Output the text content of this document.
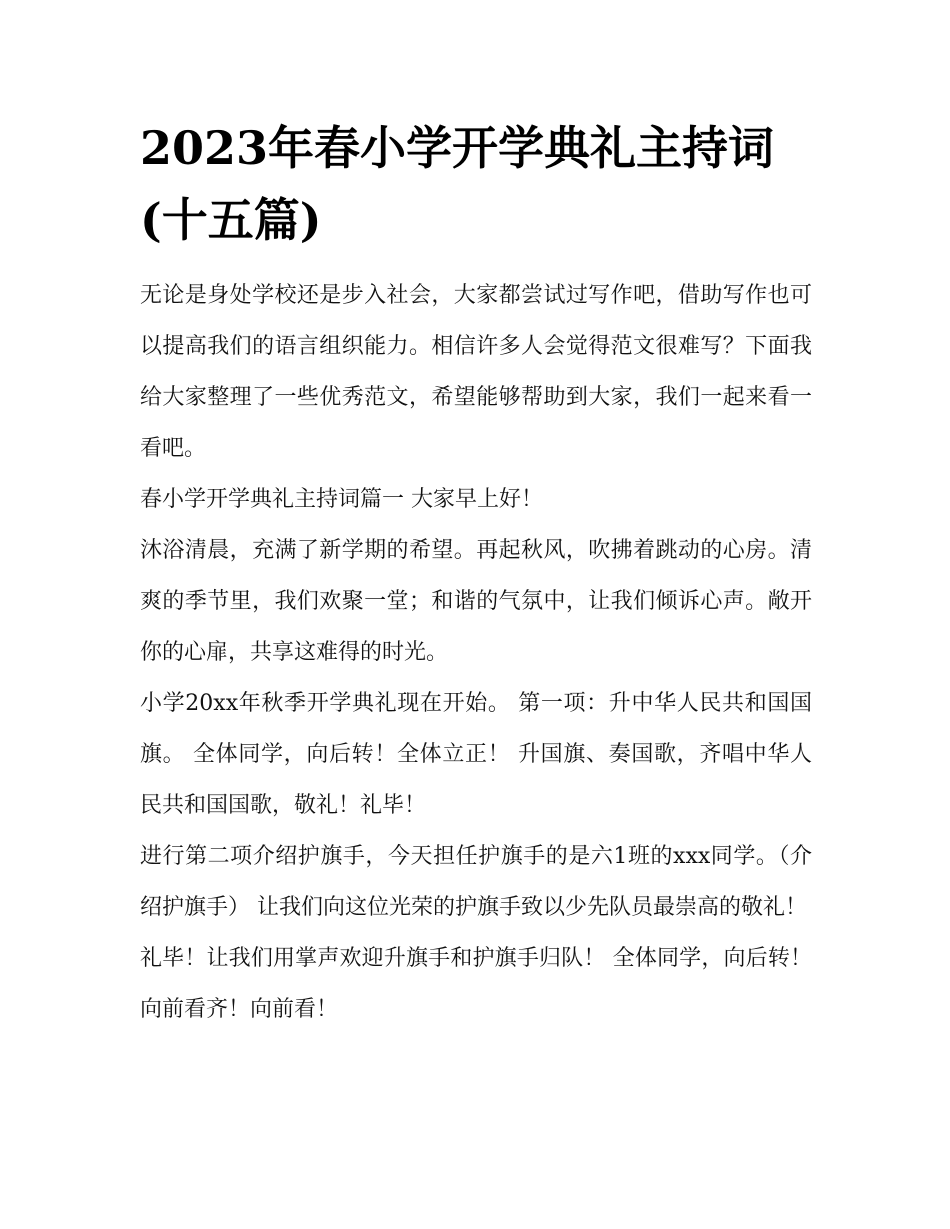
2023年春小学开学典礼主持词(十五篇)

无论是身处学校还是步入社会，大家都尝试过写作吧，借助写作也可以提高我们的语言组织能力。相信许多人会觉得范文很难写？下面我给大家整理了一些优秀范文，希望能够帮助到大家，我们一起来看一看吧。

春小学开学典礼主持词篇一 大家早上好！

沐浴清晨，充满了新学期的希望。再起秋风，吹拂着跳动的心房。清爽的季节里，我们欢聚一堂；和谐的气氛中，让我们倾诉心声。敞开你的心扉，共享这难得的时光。

小学20xx年秋季开学典礼现在开始。 第一项：升中华人民共和国国旗。 全体同学，向后转！全体立正！ 升国旗、奏国歌，齐唱中华人民共和国国歌，敬礼！礼毕！

进行第二项介绍护旗手，今天担任护旗手的是六1班的xxx同学。（介绍护旗手） 让我们向这位光荣的护旗手致以少先队员最崇高的敬礼！

礼毕！让我们用掌声欢迎升旗手和护旗手归队！ 全体同学，向后转！向前看齐！向前看！
